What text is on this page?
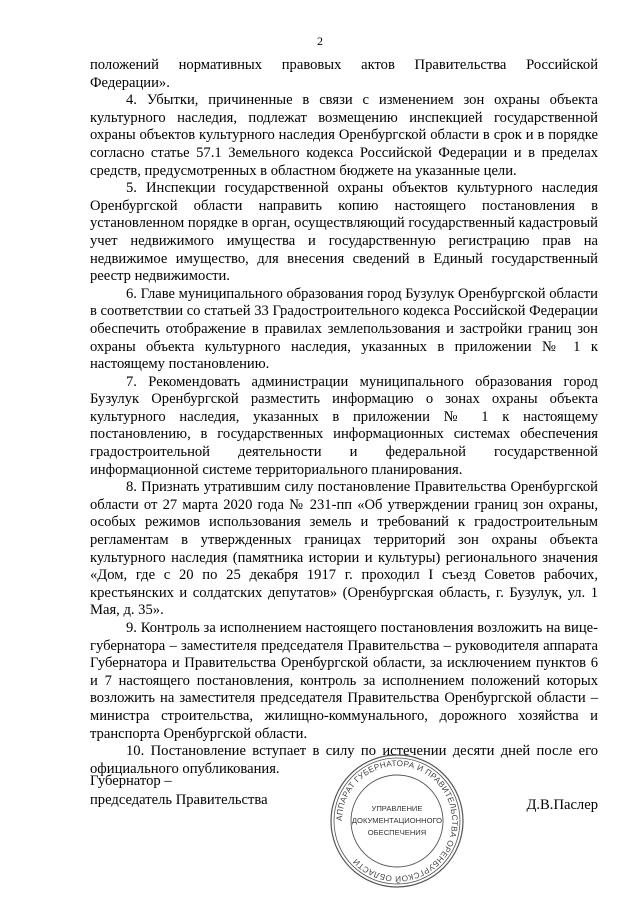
2

положений нормативных правовых актов Правительства Российской Федерации».

4. Убытки, причиненные в связи с изменением зон охраны объекта культурного наследия, подлежат возмещению инспекцией государственной охраны объектов культурного наследия Оренбургской области в срок и в порядке согласно статье 57.1 Земельного кодекса Российской Федерации и в пределах средств, предусмотренных в областном бюджете на указанные цели.

5. Инспекции государственной охраны объектов культурного наследия Оренбургской области направить копию настоящего постановления в установленном порядке в орган, осуществляющий государственный кадастровый учет недвижимого имущества и государственную регистрацию прав на недвижимое имущество, для внесения сведений в Единый государственный реестр недвижимости.

6. Главе муниципального образования город Бузулук Оренбургской области в соответствии со статьей 33 Градостроительного кодекса Российской Федерации обеспечить отображение в правилах землепользования и застройки границ зон охраны объекта культурного наследия, указанных в приложении № 1 к настоящему постановлению.

7. Рекомендовать администрации муниципального образования город Бузулук Оренбургской разместить информацию о зонах охраны объекта культурного наследия, указанных в приложении № 1 к настоящему постановлению, в государственных информационных системах обеспечения градостроительной деятельности и федеральной государственной информационной системе территориального планирования.

8. Признать утратившим силу постановление Правительства Оренбургской области от 27 марта 2020 года № 231-пп «Об утверждении границ зон охраны, особых режимов использования земель и требований к градостроительным регламентам в утвержденных границах территорий зон охраны объекта культурного наследия (памятника истории и культуры) регионального значения «Дом, где с 20 по 25 декабря 1917 г. проходил I съезд Советов рабочих, крестьянских и солдатских депутатов» (Оренбургская область, г. Бузулук, ул. 1 Мая, д. 35».

9. Контроль за исполнением настоящего постановления возложить на вице-губернатора – заместителя председателя Правительства – руководителя аппарата Губернатора и Правительства Оренбургской области, за исключением пунктов 6 и 7 настоящего постановления, контроль за исполнением положений которых возложить на заместителя председателя Правительства Оренбургской области – министра строительства, жилищно-коммунального, дорожного хозяйства и транспорта Оренбургской области.

10. Постановление вступает в силу по истечении десяти дней после его официального опубликования.

Губернатор –
председатель Правительства
АППАРАТ ГУБЕРНАТОРА И ПРАВИТЕЛЬСТВА ОРЕНБУРГСКОЙ ОБЛАСТИ
УПРАВЛЕНИЕ
ДОКУМЕНТАЦИОННОГО
ОБЕСПЕЧЕНИЯ
Д.В.Паслер
